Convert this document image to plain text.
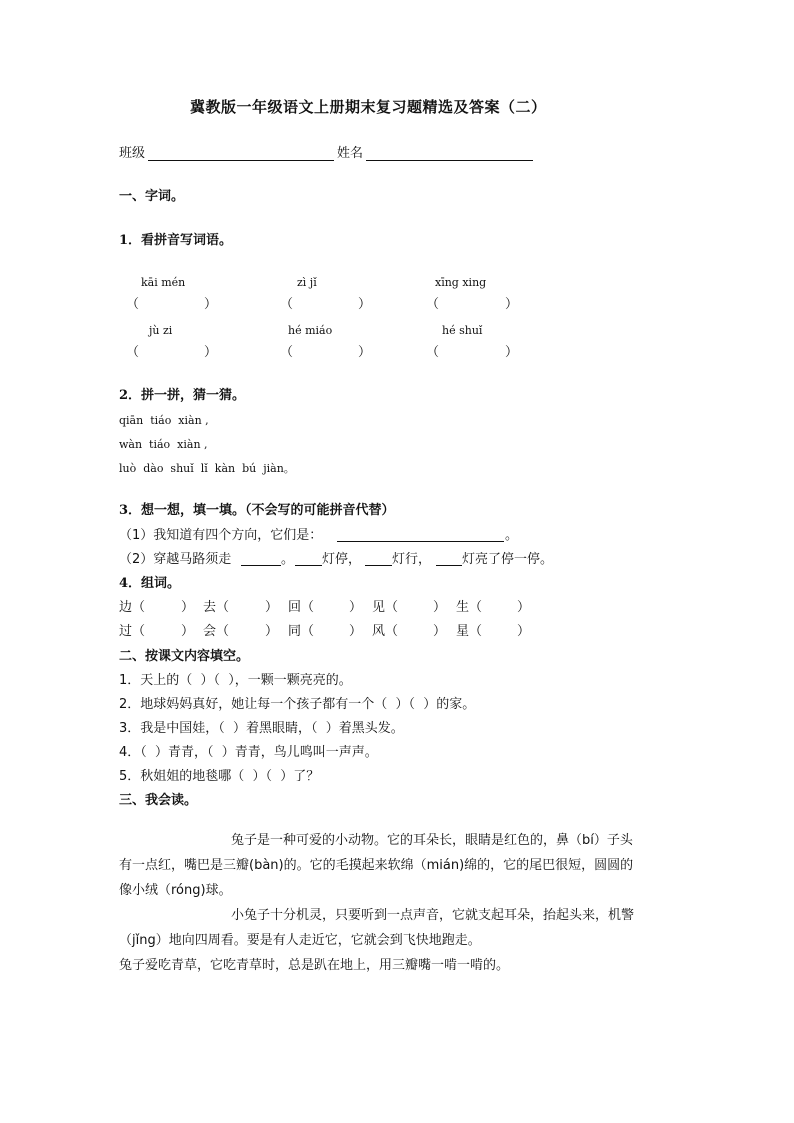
冀教版一年级语文上册期末复习题精选及答案（二）
班级	姓名
一、字词。
1．看拼音写词语。
kāi mén	zì jǐ	xīng xing
（	）	（	）	（	）
jù zi	hé miáo	hé shuǐ
（	）	（	）	（	）
2．拼一拼，猜一猜。
qiān  tiáo  xiàn ,
wàn  tiáo  xiàn ,
luò  dào  shuǐ  lǐ  kàn  bú  jiàn。
3．想一想，填一填。（不会写的可能拼音代替）
（1）我知道有四个方向，它们是：	。
（2）穿越马路须走	。 灯停， 灯行， 灯亮了停一停。
4．组词。
边（	） 去（	） 回（	） 见（	） 生（	）
过（	） 会（	） 同（	） 风（	） 星（	）
二、按课文内容填空。
1．天上的（  ）（  ），一颗一颗亮亮的。
2．地球妈妈真好，她让每一个孩子都有一个（  ）（  ）的家。
3．我是中国娃，（  ）着黑眼睛，（  ）着黑头发。
4．（  ）青青，（  ）青青，鸟儿鸣叫一声声。
5．秋姐姐的地毯哪（  ）（  ）了？
三、我会读。
兔子是一种可爱的小动物。它的耳朵长，眼睛是红色的，鼻（bí）子头
有一点红，嘴巴是三瓣(bàn)的。它的毛摸起来软绵（mián)绵的，它的尾巴很短，圆圆的
像小绒（róng)球。
小兔子十分机灵，只要听到一点声音，它就支起耳朵，抬起头来，机警
（jǐng）地向四周看。要是有人走近它，它就会到飞快地跑走。
兔子爱吃青草，它吃青草时，总是趴在地上，用三瓣嘴一啃一啃的。
